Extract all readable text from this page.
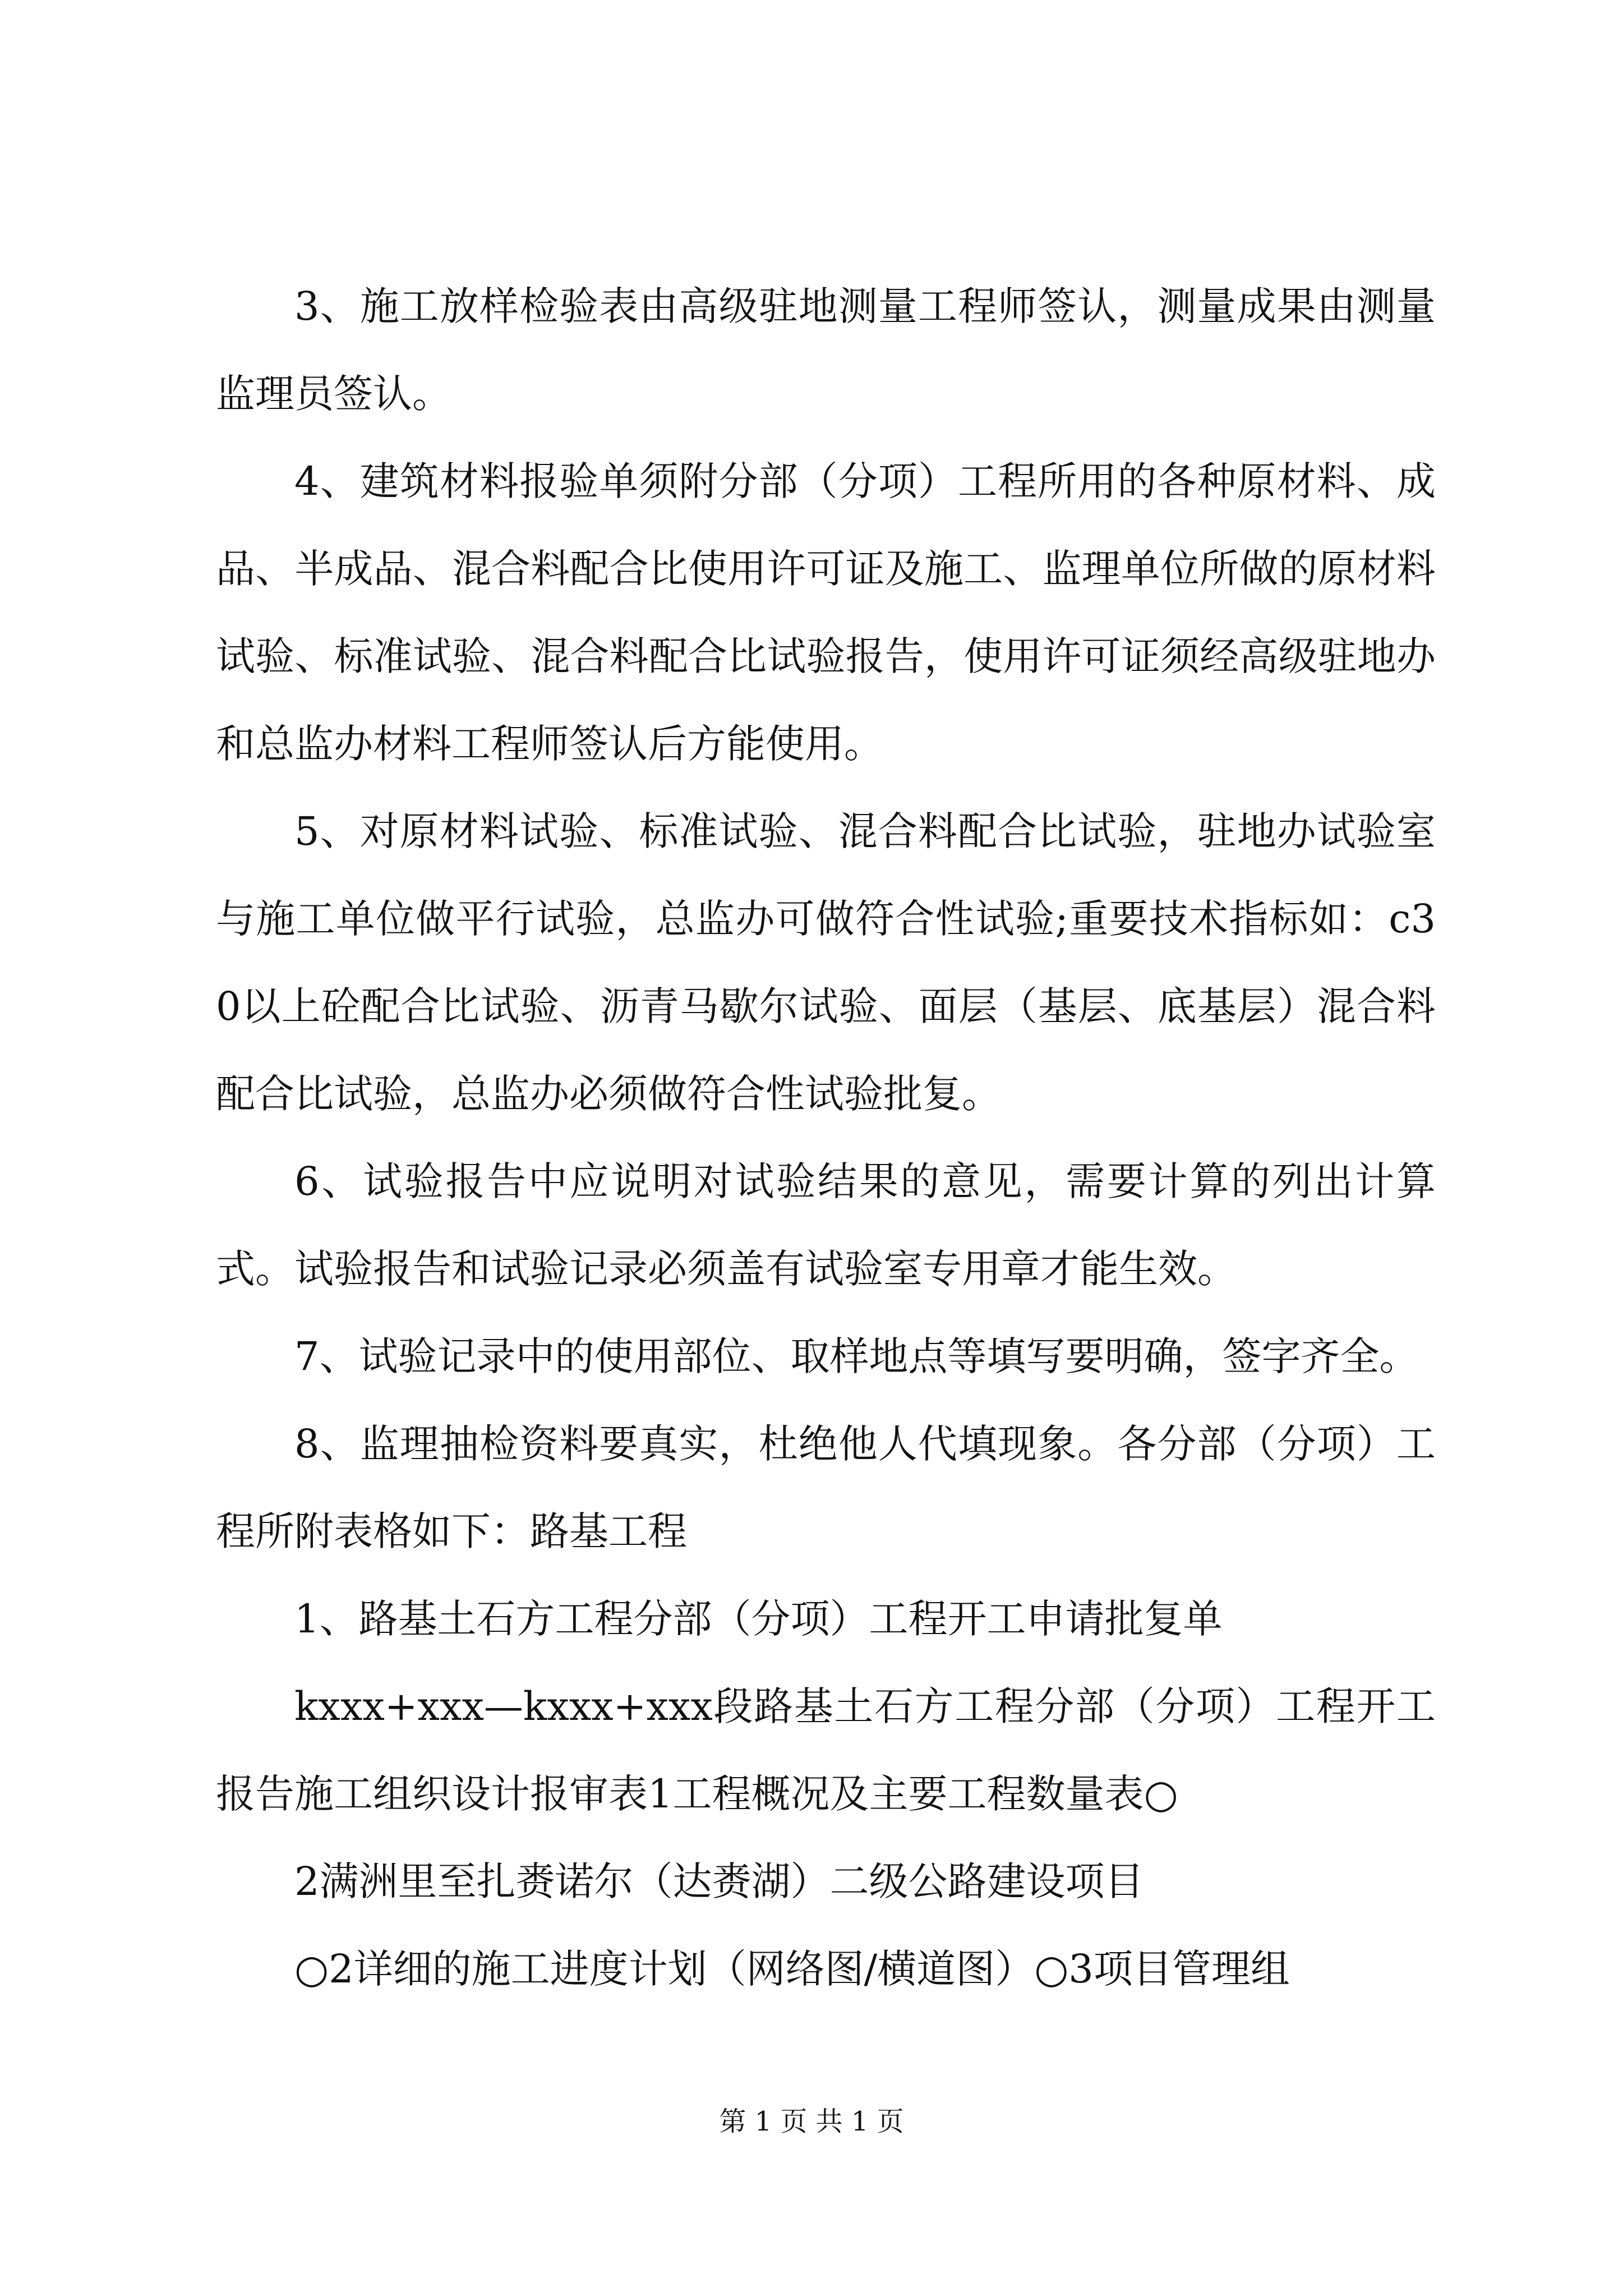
3、施工放样检验表由高级驻地测量工程师签认，测量成果由测量监理员签认。

4、建筑材料报验单须附分部（分项）工程所用的各种原材料、成品、半成品、混合料配合比使用许可证及施工、监理单位所做的原材料试验、标准试验、混合料配合比试验报告，使用许可证须经高级驻地办和总监办材料工程师签认后方能使用。

5、对原材料试验、标准试验、混合料配合比试验，驻地办试验室与施工单位做平行试验，总监办可做符合性试验;重要技术指标如：c30以上砼配合比试验、沥青马歇尔试验、面层（基层、底基层）混合料配合比试验，总监办必须做符合性试验批复。

6、试验报告中应说明对试验结果的意见，需要计算的列出计算式。试验报告和试验记录必须盖有试验室专用章才能生效。

7、试验记录中的使用部位、取样地点等填写要明确，签字齐全。

8、监理抽检资料要真实，杜绝他人代填现象。各分部（分项）工程所附表格如下：路基工程

1、路基土石方工程分部（分项）工程开工申请批复单

kxxx+xxx—kxxx+xxx段路基土石方工程分部（分项）工程开工报告施工组织设计报审表1工程概况及主要工程数量表○

2满洲里至扎赉诺尔（达赉湖）二级公路建设项目

○2详细的施工进度计划（网络图/横道图）○3项目管理组

第 1 页 共 1 页
